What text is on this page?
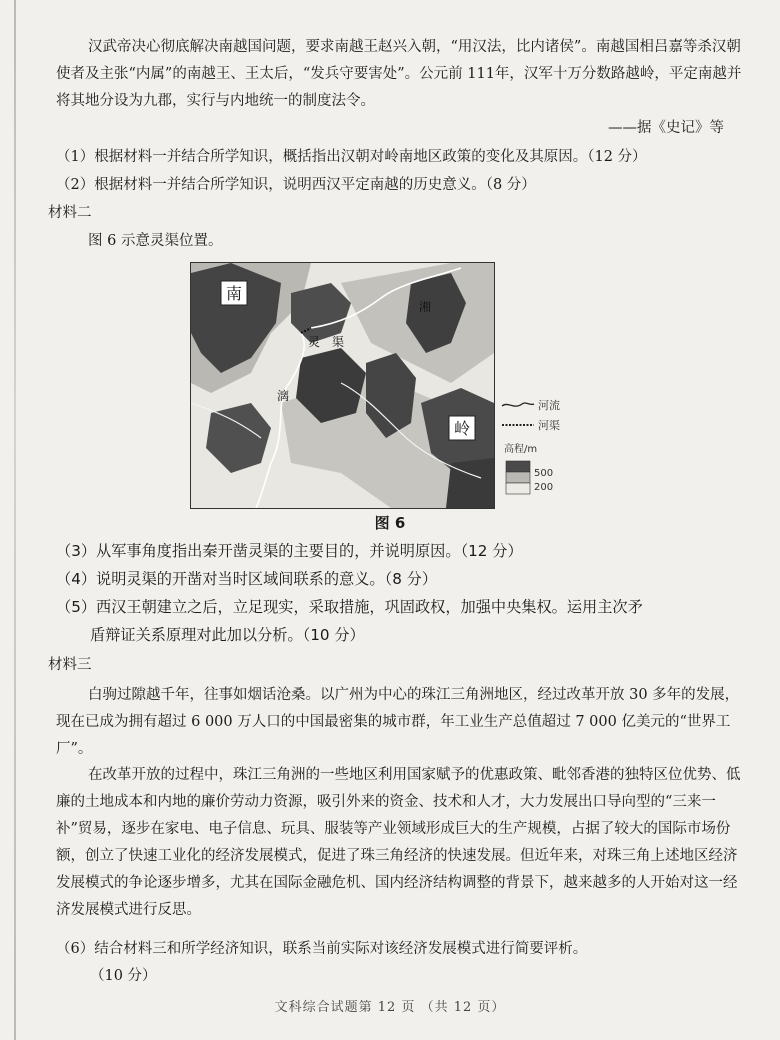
汉武帝决心彻底解决南越国问题，要求南越王赵兴入朝，“用汉法，比内诸侯”。南越国相吕嘉等杀汉朝使者及主张“内属”的南越王、王太后，“发兵守要害处”。公元前 111年，汉军十万分数路越岭，平定南越并将其地分设为九郡，实行与内地统一的制度法令。

——据《史记》等

（1）根据材料一并结合所学知识，概括指出汉朝对岭南地区政策的变化及其原因。（12 分）

（2）根据材料一并结合所学知识，说明西汉平定南越的历史意义。（8 分）

材料二

图 6 示意灵渠位置。

南
岭
灵　渠
漓
湘
河流
河渠
高程/m
500
200
图 6

（3）从军事角度指出秦开凿灵渠的主要目的，并说明原因。（12 分）

（4）说明灵渠的开凿对当时区域间联系的意义。（8 分）

（5）西汉王朝建立之后，立足现实，采取措施，巩固政权，加强中央集权。运用主次矛

盾辩证关系原理对此加以分析。（10 分）

材料三

白驹过隙越千年，往事如烟话沧桑。以广州为中心的珠江三角洲地区，经过改革开放 30 多年的发展，现在已成为拥有超过 6 000 万人口的中国最密集的城市群，年工业生产总值超过 7 000 亿美元的“世界工厂”。

在改革开放的过程中，珠江三角洲的一些地区利用国家赋予的优惠政策、毗邻香港的独特区位优势、低廉的土地成本和内地的廉价劳动力资源，吸引外来的资金、技术和人才，大力发展出口导向型的“三来一补”贸易，逐步在家电、电子信息、玩具、服装等产业领域形成巨大的生产规模，占据了较大的国际市场份额，创立了快速工业化的经济发展模式，促进了珠三角经济的快速发展。但近年来，对珠三角上述地区经济发展模式的争论逐步增多，尤其在国际金融危机、国内经济结构调整的背景下，越来越多的人开始对这一经济发展模式进行反思。

（6）结合材料三和所学经济知识，联系当前实际对该经济发展模式进行简要评析。

（10 分）

文科综合试题第 12 页 （共 12 页）
